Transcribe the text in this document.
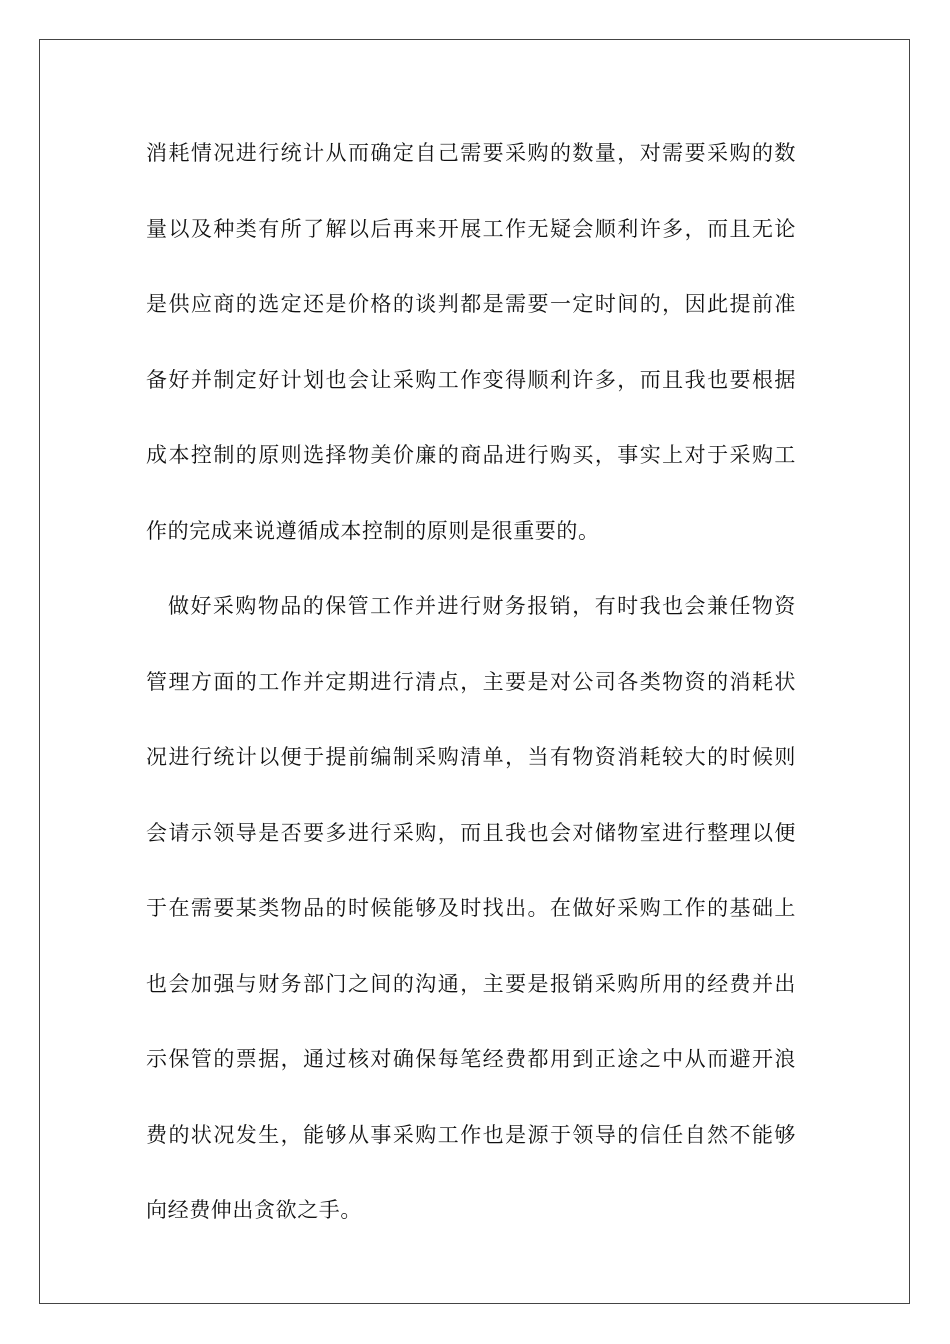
消耗情况进行统计从而确定自己需要采购的数量，对需要采购的数
量以及种类有所了解以后再来开展工作无疑会顺利许多，而且无论
是供应商的选定还是价格的谈判都是需要一定时间的，因此提前准
备好并制定好计划也会让采购工作变得顺利许多，而且我也要根据
成本控制的原则选择物美价廉的商品进行购买，事实上对于采购工
作的完成来说遵循成本控制的原则是很重要的。
做好采购物品的保管工作并进行财务报销，有时我也会兼任物资
管理方面的工作并定期进行清点，主要是对公司各类物资的消耗状
况进行统计以便于提前编制采购清单，当有物资消耗较大的时候则
会请示领导是否要多进行采购，而且我也会对储物室进行整理以便
于在需要某类物品的时候能够及时找出。在做好采购工作的基础上
也会加强与财务部门之间的沟通，主要是报销采购所用的经费并出
示保管的票据，通过核对确保每笔经费都用到正途之中从而避开浪
费的状况发生，能够从事采购工作也是源于领导的信任自然不能够
向经费伸出贪欲之手。
